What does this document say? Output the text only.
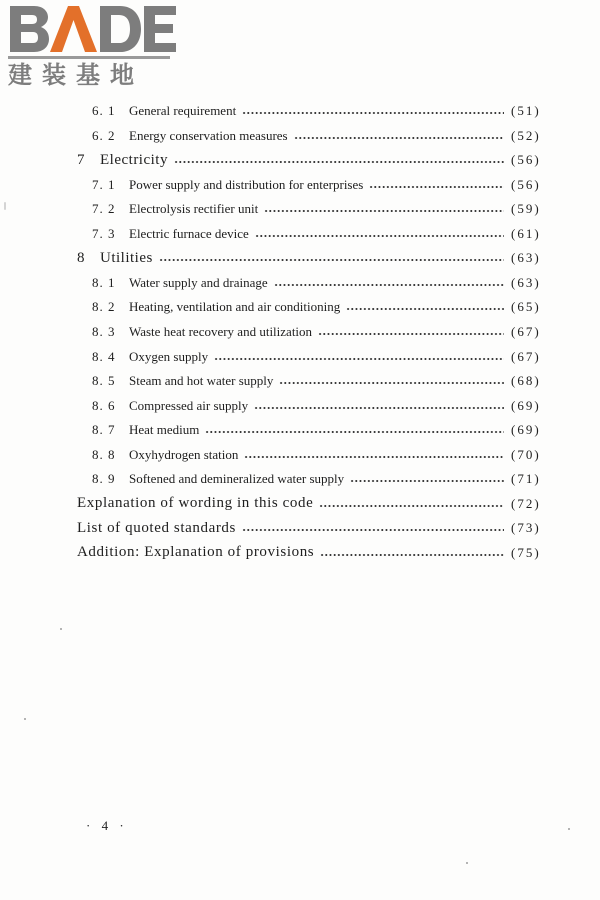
建装基地
6. 1 General requirement	(51)
6. 2 Energy conservation measures	(52)
7 Electricity	(56)
7. 1 Power supply and distribution for enterprises	(56)
7. 2 Electrolysis rectifier unit	(59)
7. 3 Electric furnace device	(61)
8 Utilities	(63)
8. 1 Water supply and drainage	(63)
8. 2 Heating, ventilation and air conditioning	(65)
8. 3 Waste heat recovery and utilization	(67)
8. 4 Oxygen supply	(67)
8. 5 Steam and hot water supply	(68)
8. 6 Compressed air supply	(69)
8. 7 Heat medium	(69)
8. 8 Oxyhydrogen station	(70)
8. 9 Softened and demineralized water supply	(71)
Explanation of wording in this code	(72)
List of quoted standards	(73)
Addition: Explanation of provisions	(75)
· 4 ·
